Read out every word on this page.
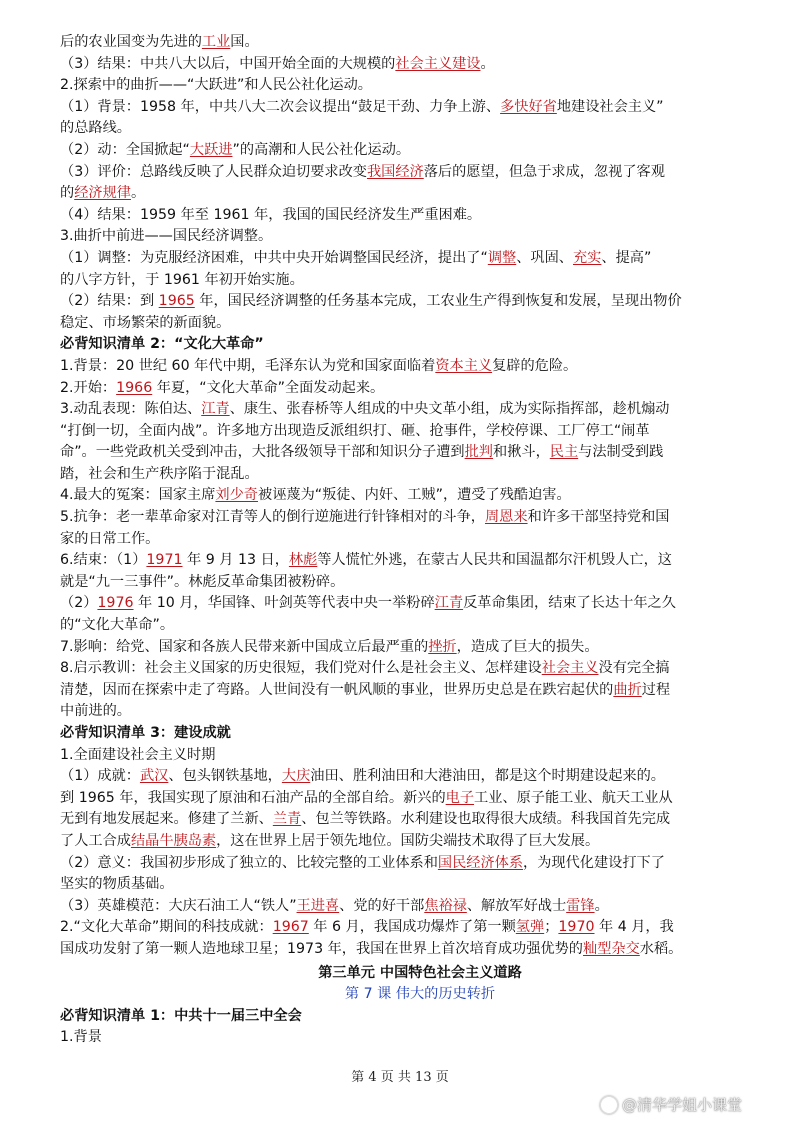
后的农业国变为先进的工业国。
（3）结果：中共八大以后，中国开始全面的大规模的社会主义建设。
2.探索中的曲折——“大跃进”和人民公社化运动。
（1）背景：1958 年，中共八大二次会议提出“鼓足干劲、力争上游、多快好省地建设社会主义”
的总路线。
（2）动：全国掀起“大跃进”的高潮和人民公社化运动。
（3）评价：总路线反映了人民群众迫切要求改变我国经济落后的愿望，但急于求成，忽视了客观
的经济规律。
（4）结果：1959 年至 1961 年，我国的国民经济发生严重困难。
3.曲折中前进——国民经济调整。
（1）调整：为克服经济困难，中共中央开始调整国民经济，提出了“调整、巩固、充实、提高”
的八字方针，于 1961 年初开始实施。
（2）结果：到 1965 年，国民经济调整的任务基本完成，工农业生产得到恢复和发展，呈现出物价
稳定、市场繁荣的新面貌。
必背知识清单 2：“文化大革命”
1.背景：20 世纪 60 年代中期，毛泽东认为党和国家面临着资本主义复辟的危险。
2.开始：1966 年夏，“文化大革命”全面发动起来。
3.动乱表现：陈伯达、江青、康生、张春桥等人组成的中央文革小组，成为实际指挥部，趁机煽动
“打倒一切，全面内战”。许多地方出现造反派组织打、砸、抢事件，学校停课、工厂停工“闹革
命”。一些党政机关受到冲击，大批各级领导干部和知识分子遭到批判和揪斗，民主与法制受到践
踏，社会和生产秩序陷于混乱。
4.最大的冤案：国家主席刘少奇被诬蔑为“叛徒、内奸、工贼”，遭受了残酷迫害。
5.抗争：老一辈革命家对江青等人的倒行逆施进行针锋相对的斗争，周恩来和许多干部坚持党和国
家的日常工作。
6.结束：（1）1971 年 9 月 13 日，林彪等人慌忙外逃，在蒙古人民共和国温都尔汗机毁人亡，这
就是“九一三事件”。林彪反革命集团被粉碎。
（2）1976 年 10 月，华国锋、叶剑英等代表中央一举粉碎江青反革命集团，结束了长达十年之久
的“文化大革命”。
7.影响：给党、国家和各族人民带来新中国成立后最严重的挫折，造成了巨大的损失。
8.启示教训：社会主义国家的历史很短，我们党对什么是社会主义、怎样建设社会主义没有完全搞
清楚，因而在探索中走了弯路。人世间没有一帆风顺的事业，世界历史总是在跌宕起伏的曲折过程
中前进的。
必背知识清单 3：建设成就
1.全面建设社会主义时期
（1）成就：武汉、包头钢铁基地，大庆油田、胜利油田和大港油田，都是这个时期建设起来的。
到 1965 年，我国实现了原油和石油产品的全部自给。新兴的电子工业、原子能工业、航天工业从
无到有地发展起来。修建了兰新、兰青、包兰等铁路。水利建设也取得很大成绩。科我国首先完成
了人工合成结晶牛胰岛素，这在世界上居于领先地位。国防尖端技术取得了巨大发展。
（2）意义：我国初步形成了独立的、比较完整的工业体系和国民经济体系，为现代化建设打下了
坚实的物质基础。
（3）英雄模范：大庆石油工人“铁人”王进喜、党的好干部焦裕禄、解放军好战士雷锋。
2.“文化大革命”期间的科技成就：1967 年 6 月，我国成功爆炸了第一颗氢弹；1970 年 4 月，我
国成功发射了第一颗人造地球卫星；1973 年，我国在世界上首次培育成功强优势的籼型杂交水稻。
第三单元 中国特色社会主义道路
第 7 课 伟大的历史转折
必背知识清单 1：中共十一届三中全会
1.背景
第 4 页 共 13 页
@清华学姐小课堂
